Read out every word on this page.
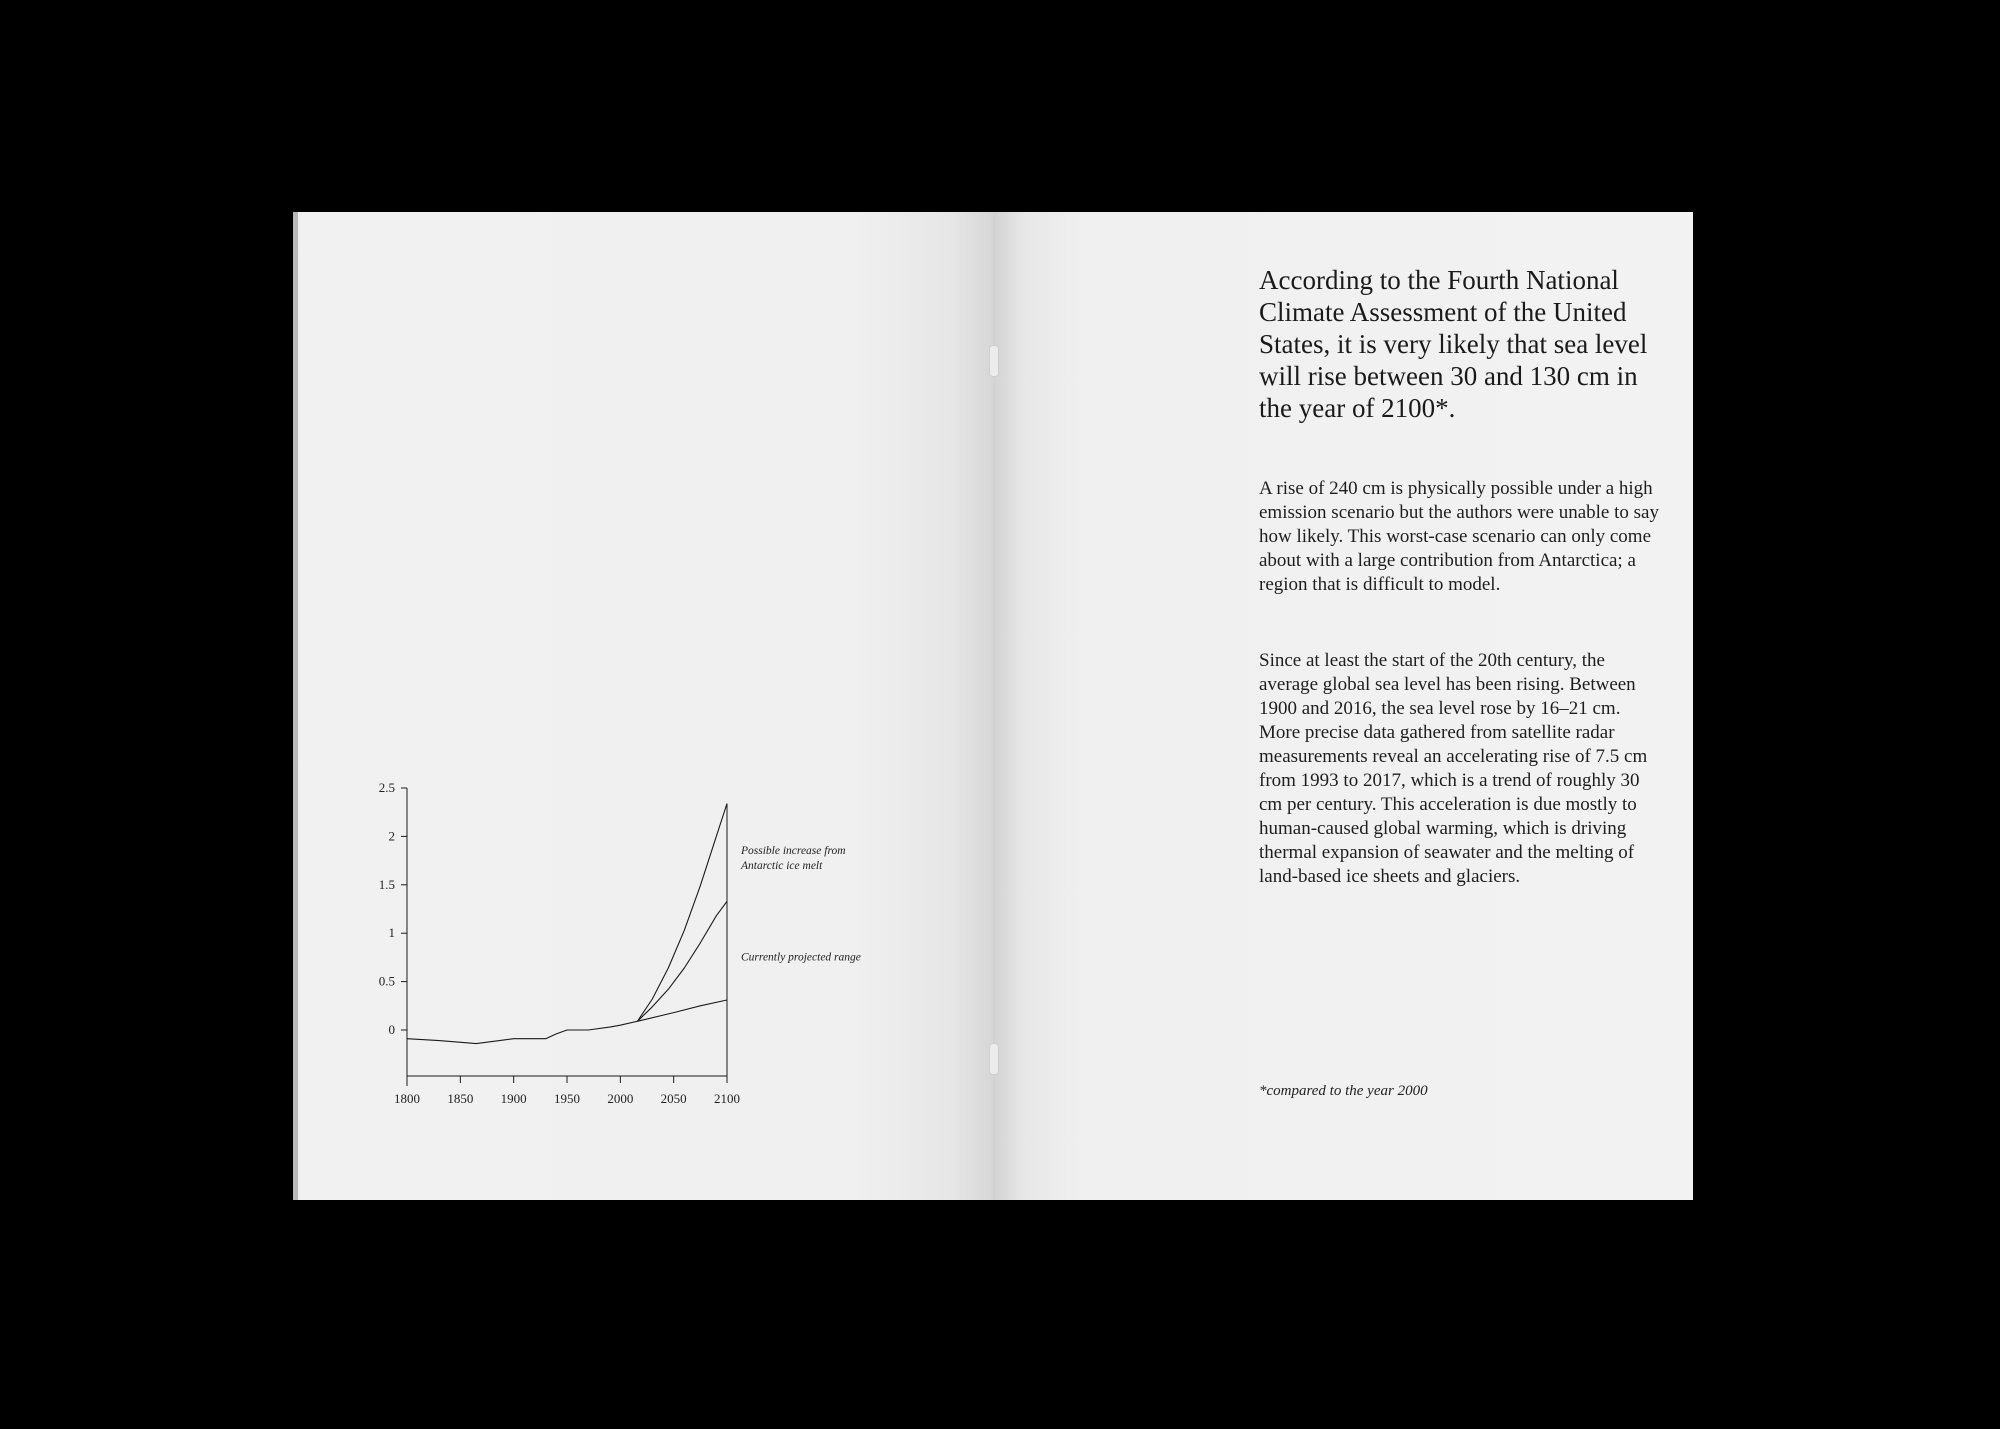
2.5
2
1.5
1
0.5
0
1800 1850 1900 1950 2000 2050 2100
Possible increase from
Antarctic ice melt
Currently projected range
According to the Fourth National Climate Assessment of the United States, it is very likely that sea level will rise between 30 and 130 cm in the year of 2100*.

A rise of 240 cm is physically possible under a high emission scenario but the authors were unable to say how likely. This worst-case scenario can only come about with a large contribution from Antarctica; a region that is difficult to model.

Since at least the start of the 20th century, the average global sea level has been rising. Between 1900 and 2016, the sea level rose by 16–21 cm. More precise data gathered from satellite radar measurements reveal an accelerating rise of 7.5 cm from 1993 to 2017, which is a trend of roughly 30 cm per century. This acceleration is due mostly to human-caused global warming, which is driving thermal expansion of seawater and the melting of land-based ice sheets and glaciers.

*compared to the year 2000
